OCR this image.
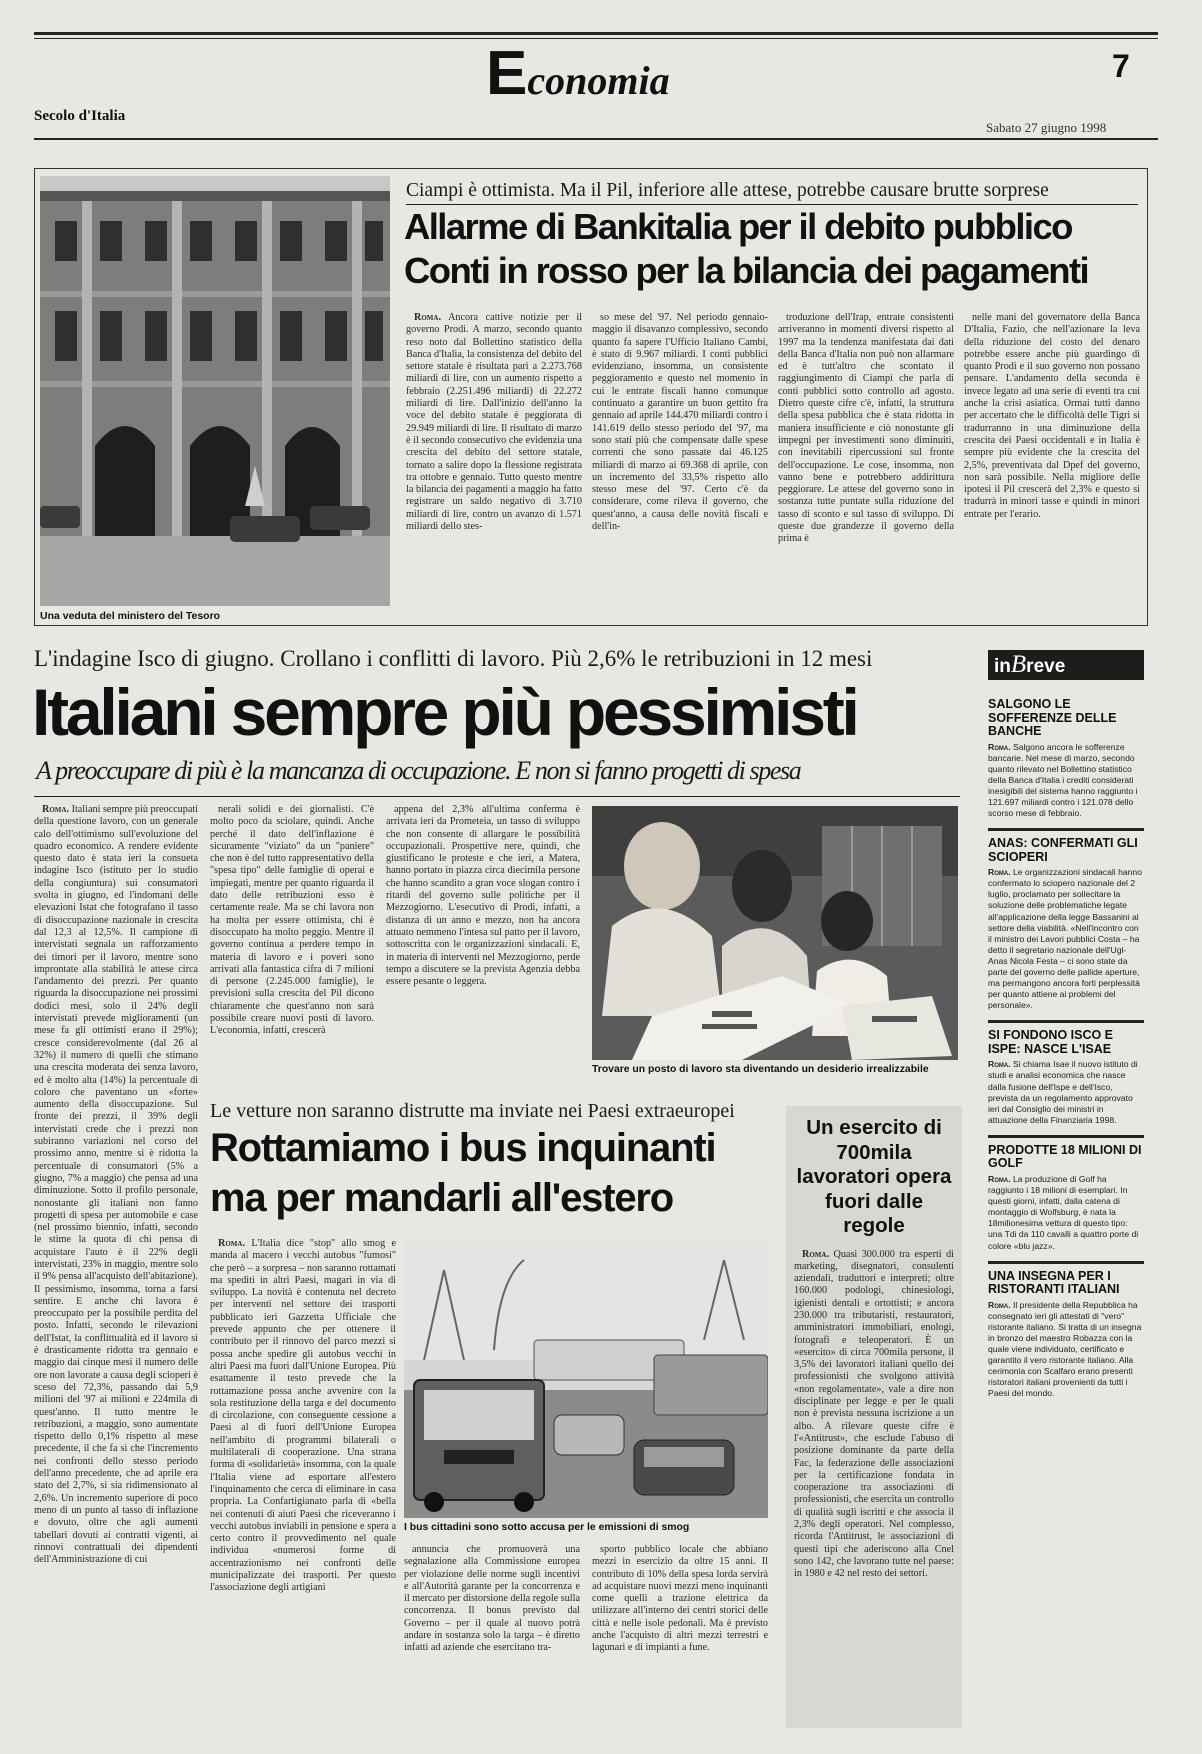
Economia	7
Secolo d'Italia
Sabato 27 giugno 1998
Una veduta del ministero del Tesoro
Ciampi è ottimista. Ma il Pil, inferiore alle attese, potrebbe causare brutte sorprese
Allarme di Bankitalia per il debito pubblico
Conti in rosso per la bilancia dei pagamenti

Roma. Ancora cattive notizie per il governo Prodi. A marzo, secondo quanto reso noto dal Bollettino statistico della Banca d'Italia, la consistenza del debito del settore statale è risultata pari a 2.273.768 miliardi di lire, con un aumento rispetto a febbraio (2.251.496 miliardi) di 22.272 miliardi di lire. Dall'inizio dell'anno la voce del debito statale è peggiorata di 29.949 miliardi di lire. Il risultato di marzo è il secondo consecutivo che evidenzia una crescita del debito del settore statale, tornato a salire dopo la flessione registrata tra ottobre e gennaio. Tutto questo mentre la bilancia dei pagamenti a maggio ha fatto registrare un saldo negativo di 3.710 miliardi di lire, contro un avanzo di 1.571 miliardi dello stes-

so mese del '97. Nel periodo gennaio-maggio il disavanzo complessivo, secondo quanto fa sapere l'Ufficio Italiano Cambi, è stato di 9.967 miliardi. I conti pubblici evidenziano, insomma, un consistente peggioramento e questo nel momento in cui le entrate fiscali hanno comunque continuato a garantire un buon gettito fra gennaio ad aprile 144.470 miliardi contro i 141.619 dello stesso periodo del '97, ma sono stati più che compensate dalle spese correnti che sono passate dai 46.125 miliardi di marzo ai 69.368 di aprile, con un incremento del 33,5% rispetto allo stesso mese del '97. Certo c'è da considerare, come rileva il governo, che quest'anno, a causa delle novità fiscali e dell'in-

troduzione dell'Irap, entrate consistenti arriveranno in momenti diversi rispetto al 1997 ma la tendenza manifestata dai dati della Banca d'Italia non può non allarmare ed è tutt'altro che scontato il raggiungimento di Ciampi che parla di conti pubblici sotto controllo ad agosto. Dietro queste cifre c'è, infatti, la struttura della spesa pubblica che è stata ridotta in maniera insufficiente e ciò nonostante gli impegni per investimenti sono diminuiti, con inevitabili ripercussioni sul fronte dell'occupazione. Le cose, insomma, non vanno bene e potrebbero addirittura peggiorare. Le attese del governo sono in sostanza tutte puntate sulla riduzione del tasso di sconto e sul tasso di sviluppo. Di queste due grandezze il governo della prima è

nelle mani del governatore della Banca D'Italia, Fazio, che nell'azionare la leva della riduzione del costo del denaro potrebbe essere anche più guardingo di quanto Prodi e il suo governo non possano pensare. L'andamento della seconda è invece legato ad una serie di eventi tra cui anche la crisi asiatica. Ormai tutti danno per accertato che le difficoltà delle Tigri si tradurranno in una diminuzione della crescita dei Paesi occidentali e in Italia è sempre più evidente che la crescita del 2,5%, preventivata dal Dpef del governo, non sarà possibile. Nella migliore delle ipotesi il Pil crescerà del 2,3% e questo si tradurrà in minori tasse e quindi in minori entrate per l'erario.

L'indagine Isco di giugno. Crollano i conflitti di lavoro. Più 2,6% le retribuzioni in 12 mesi
Italiani sempre più pessimisti
A preoccupare di più è la mancanza di occupazione. E non si fanno progetti di spesa

Roma. Italiani sempre più preoccupati della questione lavoro, con un generale calo dell'ottimismo sull'evoluzione del quadro economico. A rendere evidente questo dato è stata ieri la consueta indagine Isco (istituto per lo studio della congiuntura) sui consumatori svolta in giugno, ed l'indomani delle elevazioni Istat che fotografano il tasso di disoccupazione nazionale in crescita dal 12,3 al 12,5%. Il campione di intervistati segnala un rafforzamento dei timori per il lavoro, mentre sono improntate alla stabilità le attese circa l'andamento dei prezzi. Per quanto riguarda la disoccupazione nei prossimi dodici mesi, solo il 24% degli intervistati prevede miglioramenti (un mese fa gli ottimisti erano il 29%); cresce considerevolmente (dal 26 al 32%) il numero di quelli che stimano una crescita moderata dei senza lavoro, ed è molto alta (14%) la percentuale di coloro che paventano un «forte» aumento della disoccupazione. Sul fronte dei prezzi, il 39% degli intervistati crede che i prezzi non subiranno variazioni nel corso del prossimo anno, mentre si è ridotta la percentuale di consumatori (5% a giugno, 7% a maggio) che pensa ad una diminuzione. Sotto il profilo personale, nonostante gli italiani non fanno progetti di spesa per automobile e case (nel prossimo biennio, infatti, secondo le stime la quota di chi pensa di acquistare l'auto è il 22% degli intervistati, 23% in maggio, mentre solo il 9% pensa all'acquisto dell'abitazione). Il pessimismo, insomma, torna a farsi sentire. E anche chi lavora è preoccupato per la possibile perdita del posto. Infatti, secondo le rilevazioni dell'Istat, la conflittualità ed il lavoro si è drasticamente ridotta tra gennaio e maggio dai cinque mesi il numero delle ore non lavorate a causa degli scioperi è sceso del 72,3%, passando dai 5,9 milioni del '97 ai milioni e 224mila di quest'anno. Il tutto mentre le retribuzioni, a maggio, sono aumentate rispetto dello 0,1% rispetto al mese precedente, il che fa sì che l'incremento nei confronti dello stesso periodo dell'anno precedente, che ad aprile era stato del 2,7%, si sia ridimensionato al 2,6%. Un incremento superiore di poco meno di un punto al tasso di inflazione e dovuto, oltre che agli aumenti tabellari dovuti ai contratti vigenti, ai rinnovi contrattuali dei dipendenti dell'Amministrazione di cui

nerali solidi e dei giornalisti. C'è molto poco da sciolare, quindi. Anche perché il dato dell'inflazione è sicuramente "viziato" da un "paniere" che non è del tutto rappresentativo della "spesa tipo" delle famiglie di operai e impiegati, mentre per quanto riguarda il dato delle retribuzioni esso è certamente reale. Ma se chi lavora non ha molta per essere ottimista, chi è disoccupato ha molto peggio. Mentre il governo continua a perdere tempo in materia di lavoro e i poveri sono arrivati alla fantastica cifra di 7 milioni di persone (2.245.000 famiglie), le previsioni sulla crescita del Pil dicono chiaramente che quest'anno non sarà possibile creare nuovi posti di lavoro. L'economia, infatti, crescerà

appena del 2,3% all'ultima conferma è arrivata ieri da Prometeia, un tasso di sviluppo che non consente di allargare le possibilità occupazionali. Prospettive nere, quindi, che giustificano le proteste e che ieri, a Matera, hanno portato in piazza circa diecimila persone che hanno scandito a gran voce slogan contro i ritardi del governo sulle politiche per il Mezzogiorno. L'esecutivo di Prodi, infatti, a distanza di un anno e mezzo, non ha ancora attuato nemmeno l'intesa sul patto per il lavoro, sottoscritta con le organizzazioni sindacali. E, in materia di interventi nel Mezzogiorno, perde tempo a discutere se la prevista Agenzia debba essere pesante o leggera.

Trovare un posto di lavoro sta diventando un desiderio irrealizzabile
Le vetture non saranno distrutte ma inviate nei Paesi extraeuropei
Rottamiamo i bus inquinanti
ma per mandarli all'estero

Roma. L'Italia dice "stop" allo smog e manda al macero i vecchi autobus "fumosi" che però – a sorpresa – non saranno rottamati ma spediti in altri Paesi, magari in via di sviluppo. La novità è contenuta nel decreto per interventi nel settore dei trasporti pubblicato ieri Gazzetta Ufficiale che prevede appunto che per ottenere il contributo per il rinnovo del parco mezzi si possa anche spedire gli autobus vecchi in altri Paesi ma fuori dall'Unione Europea. Più esattamente il testo prevede che la rottamazione possa anche avvenire con la sola restituzione della targa e del documento di circolazione, con conseguente cessione a Paesi al di fuori dell'Unione Europea nell'ambito di programmi bilaterali o multilaterali di cooperazione. Una strana forma di «solidarietà» insomma, con la quale l'Italia viene ad esportare all'estero l'inquinamento che cerca di eliminare in casa propria. La Confartigianato parla di «bella nei contenuti di aiuti Paesi che riceveranno i vecchi autobus inviabili in pensione e spera a certo contro il provvedimento nel quale individua «numerosi forme di accentrazionismo nei confronti delle municipalizzate dei trasporti. Per questo l'associazione degli artigiani

I bus cittadini sono sotto accusa per le emissioni di smog

annuncia che promuoverà una segnalazione alla Commissione europea per violazione delle norme sugli incentivi e all'Autorità garante per la concorrenza e il mercato per distorsione della regole sulla concorrenza. Il bonus previsto dal Governo – per il quale al nuovo potrà andare in sostanza solo la targa – è diretto infatti ad aziende che esercitano tra-

sporto pubblico locale che abbiano mezzi in esercizio da oltre 15 anni. Il contributo di 10% della spesa lorda servirà ad acquistare nuovi mezzi meno inquinanti come quelli a trazione elettrica da utilizzare all'interno dei centri storici delle città e nelle isole pedonali. Ma è previsto anche l'acquisto di altri mezzi terrestri e lagunari e di impianti a fune.

Un esercito di 700mila lavoratori opera fuori dalle regole

Roma. Quasi 300.000 tra esperti di marketing, disegnatori, consulenti aziendali, traduttori e interpreti; oltre 160.000 podologi, chinesiologi, igienisti dentali e ortottisti; e ancora 230.000 tra tributaristi, restauratori, amministratori immobiliari, enologi, fotografi e teleoperatori. È un «esercito» di circa 700mila persone, il 3,5% dei lavoratori italiani quello dei professionisti che svolgono attività «non regolamentate», vale a dire non disciplinate per legge e per le quali non è prevista nessuna iscrizione a un albo. A rilevare queste cifre è l'«Antitrust», che esclude l'abuso di posizione dominante da parte della Fac, la federazione delle associazioni per la certificazione fondata in cooperazione tra associazioni di professionisti, che esercita un controllo di qualità sugli iscritti e che associa il 2,3% degli operatori. Nel complesso, ricorda l'Antitrust, le associazioni di questi tipi che aderiscono alla Cnel sono 142, che lavorano tutte nel paese: in 1980 e 42 nel resto dei settori.

inBreve
SALGONO LE SOFFERENZE DELLE BANCHE

Roma. Salgono ancora le sofferenze bancarie. Nel mese di marzo, secondo quanto rilevato nel Bollettino statistico della Banca d'Italia i crediti considerati inesigibili del sistema hanno raggiunto i 121.697 miliardi contro i 121.078 dello scorso mese di febbraio.

ANAS: CONFERMATI GLI SCIOPERI

Roma. Le organizzazioni sindacali hanno confermato lo sciopero nazionale del 2 luglio, proclamato per sollecitare la soluzione delle problematiche legate all'applicazione della legge Bassanini al settore della viabilità. «Nell'incontro con il ministro dei Lavori pubblici Costa – ha detto il segretario nazionale dell'Ugl-Anas Nicola Festa – ci sono state da parte del governo delle pallide aperture, ma permangono ancora forti perplessità per quanto attiene ai problemi del personale».

SI FONDONO ISCO E ISPE: NASCE L'ISAE

Roma. Si chiama Isae il nuovo istituto di studi e analisi economica che nasce dalla fusione dell'Ispe e dell'Isco, prevista da un regolamento approvato ieri dal Consiglio dei ministri in attuazione della Finanziaria 1998.

PRODOTTE 18 MILIONI DI GOLF

Roma. La produzione di Golf ha raggiunto i 18 milioni di esemplari. In questi giorni, infatti, dalla catena di montaggio di Wolfsburg, è nata la 18milionesima vettura di questo tipo: una Tdi da 110 cavalli a quattro porte di colore «blu jazz».

UNA INSEGNA PER I RISTORANTI ITALIANI

Roma. Il presidente della Repubblica ha consegnato ieri gli attestati di "vero" ristorante italiano. Si tratta di un insegna in bronzo del maestro Robazza con la quale viene individuato, certificato e garantito il vero ristorante italiano. Alla cerimonia con Scalfaro erano presenti ristoratori italiani provenienti da tutti i Paesi del mondo.
